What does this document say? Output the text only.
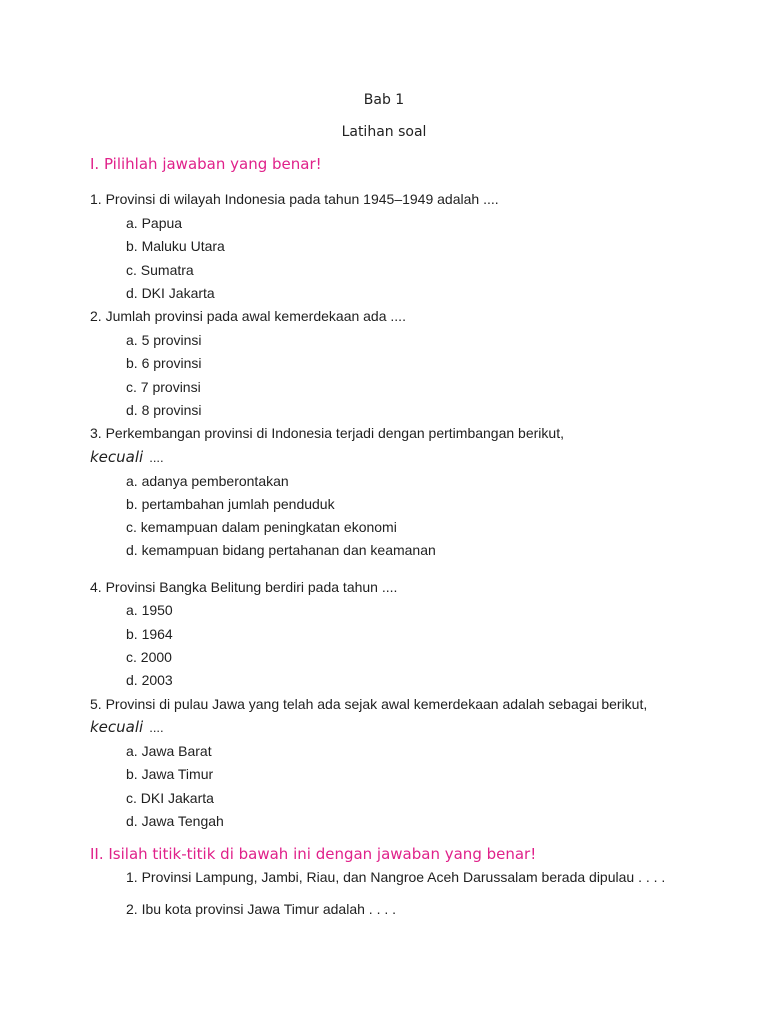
Bab 1
Latihan soal
I. Pilihlah jawaban yang benar!
1. Provinsi di wilayah Indonesia pada tahun 1945–1949 adalah ....
a. Papua
b. Maluku Utara
c. Sumatra
d. DKI Jakarta
2. Jumlah provinsi pada awal kemerdekaan ada ....
a. 5 provinsi
b. 6 provinsi
c. 7 provinsi
d. 8 provinsi
3. Perkembangan provinsi di Indonesia terjadi dengan pertimbangan berikut,
kecuali ....
a. adanya pemberontakan
b. pertambahan jumlah penduduk
c. kemampuan dalam peningkatan ekonomi
d. kemampuan bidang pertahanan dan keamanan
4. Provinsi Bangka Belitung berdiri pada tahun ....
a. 1950
b. 1964
c. 2000
d. 2003
5. Provinsi di pulau Jawa yang telah ada sejak awal kemerdekaan adalah sebagai berikut,
kecuali ....
a. Jawa Barat
b. Jawa Timur
c. DKI Jakarta
d. Jawa Tengah
II. Isilah titik-titik di bawah ini dengan jawaban yang benar!
1. Provinsi Lampung, Jambi, Riau, dan Nangroe Aceh Darussalam berada dipulau . . . .
2. Ibu kota provinsi Jawa Timur adalah . . . .
